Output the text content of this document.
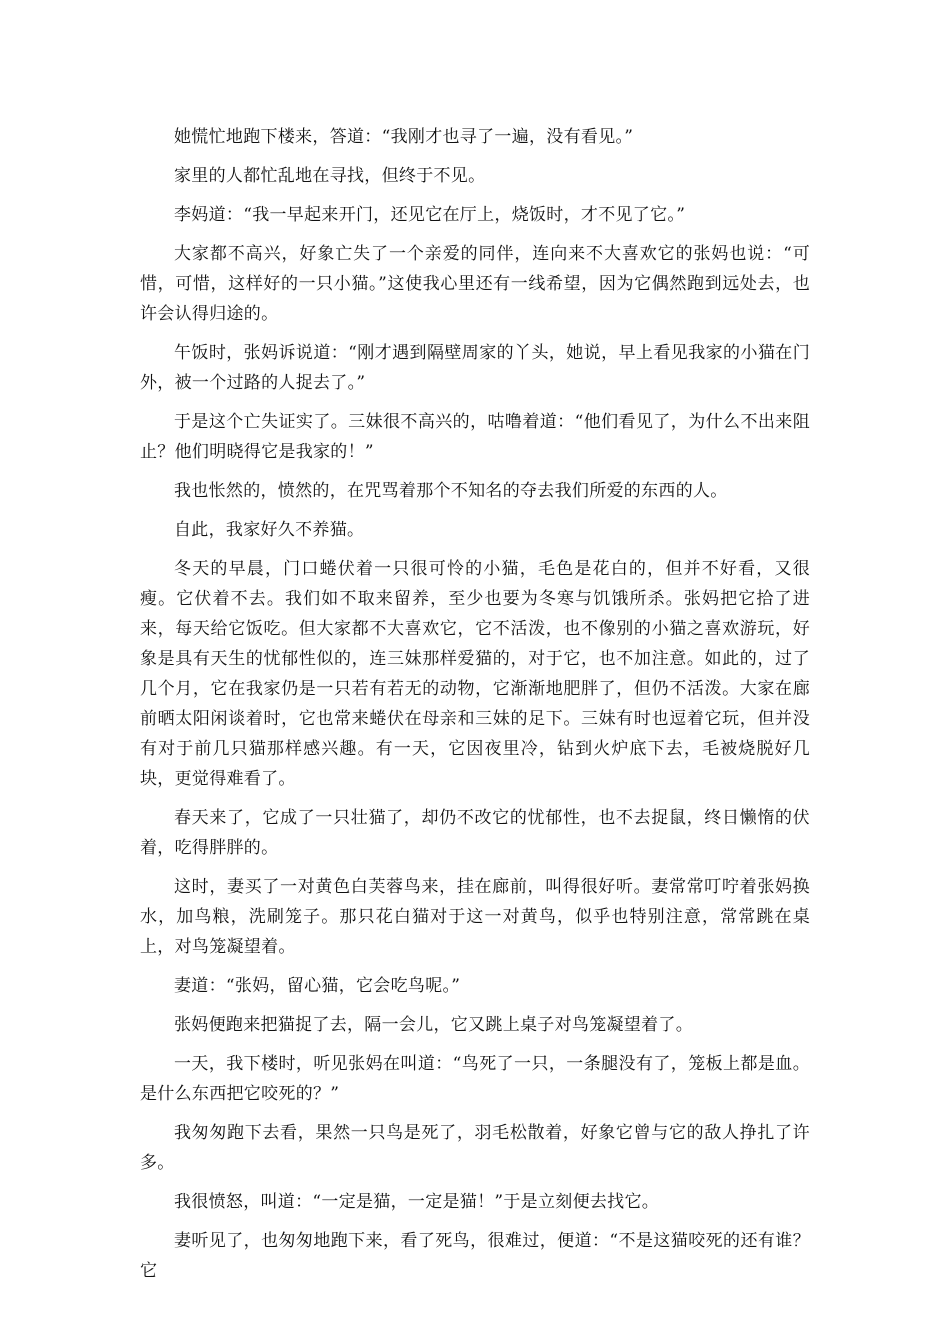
她慌忙地跑下楼来，答道：“我刚才也寻了一遍，没有看见。”

家里的人都忙乱地在寻找，但终于不见。

李妈道：“我一早起来开门，还见它在厅上，烧饭时，才不见了它。”

大家都不高兴，好象亡失了一个亲爱的同伴，连向来不大喜欢它的张妈也说：“可惜，可惜，这样好的一只小猫。”这使我心里还有一线希望，因为它偶然跑到远处去，也许会认得归途的。

午饭时，张妈诉说道：“刚才遇到隔壁周家的丫头，她说，早上看见我家的小猫在门外，被一个过路的人捉去了。”

于是这个亡失证实了。三妹很不高兴的，咕噜着道：“他们看见了，为什么不出来阻止？他们明晓得它是我家的！”

我也怅然的，愤然的，在咒骂着那个不知名的夺去我们所爱的东西的人。

自此，我家好久不养猫。

冬天的早晨，门口蜷伏着一只很可怜的小猫，毛色是花白的，但并不好看，又很瘦。它伏着不去。我们如不取来留养，至少也要为冬寒与饥饿所杀。张妈把它拾了进来，每天给它饭吃。但大家都不大喜欢它，它不活泼，也不像别的小猫之喜欢游玩，好象是具有天生的忧郁性似的，连三妹那样爱猫的，对于它，也不加注意。如此的，过了几个月，它在我家仍是一只若有若无的动物，它渐渐地肥胖了，但仍不活泼。大家在廊前晒太阳闲谈着时，它也常来蜷伏在母亲和三妹的足下。三妹有时也逗着它玩，但并没有对于前几只猫那样感兴趣。有一天，它因夜里冷，钻到火炉底下去，毛被烧脱好几块，更觉得难看了。

春天来了，它成了一只壮猫了，却仍不改它的忧郁性，也不去捉鼠，终日懒惰的伏着，吃得胖胖的。

这时，妻买了一对黄色白芙蓉鸟来，挂在廊前，叫得很好听。妻常常叮咛着张妈换水，加鸟粮，洗刷笼子。那只花白猫对于这一对黄鸟，似乎也特别注意，常常跳在桌上，对鸟笼凝望着。

妻道：“张妈，留心猫，它会吃鸟呢。”

张妈便跑来把猫捉了去，隔一会儿，它又跳上桌子对鸟笼凝望着了。

一天，我下楼时，听见张妈在叫道：“鸟死了一只，一条腿没有了，笼板上都是血。是什么东西把它咬死的？”

我匆匆跑下去看，果然一只鸟是死了，羽毛松散着，好象它曾与它的敌人挣扎了许多。

我很愤怒，叫道：“一定是猫，一定是猫！”于是立刻便去找它。

妻听见了，也匆匆地跑下来，看了死鸟，很难过，便道：“不是这猫咬死的还有谁？它
